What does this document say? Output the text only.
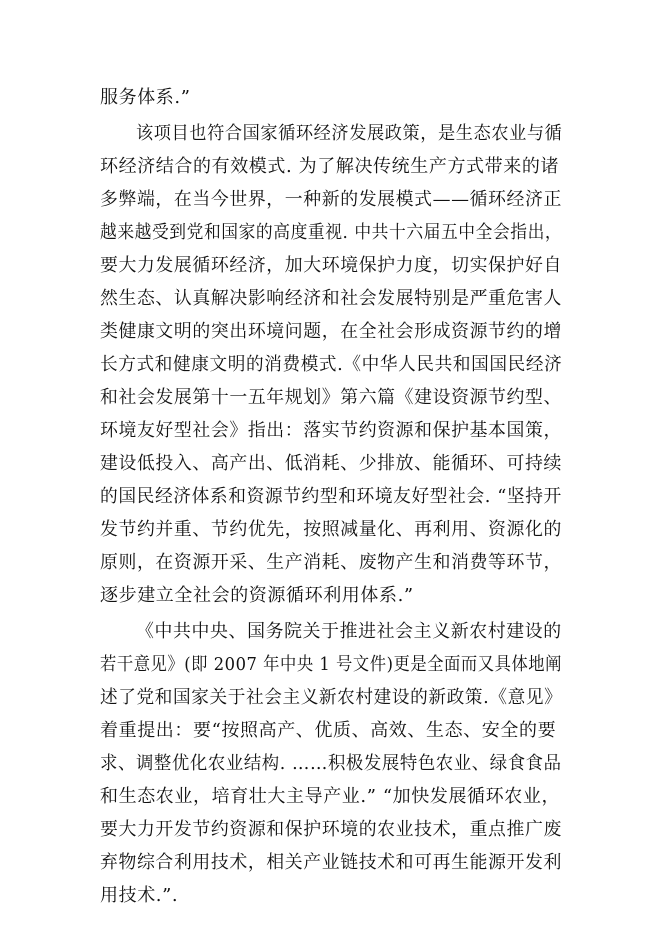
服务体系.”
该项目也符合国家循环经济发展政策，是生态农业与循
环经济结合的有效模式. 为了解决传统生产方式带来的诸
多弊端，在当今世界，一种新的发展模式——循环经济正
越来越受到党和国家的高度重视. 中共十六届五中全会指出，
要大力发展循环经济，加大环境保护力度，切实保护好自
然生态、认真解决影响经济和社会发展特别是严重危害人
类健康文明的突出环境问题，在全社会形成资源节约的增
长方式和健康文明的消费模式.《中华人民共和国国民经济
和社会发展第十一五年规划》第六篇《建设资源节约型、
环境友好型社会》指出：落实节约资源和保护基本国策，
建设低投入、高产出、低消耗、少排放、能循环、可持续
的国民经济体系和资源节约型和环境友好型社会. “坚持开
发节约并重、节约优先，按照减量化、再利用、资源化的
原则，在资源开采、生产消耗、废物产生和消费等环节，
逐步建立全社会的资源循环利用体系.”
《中共中央、国务院关于推进社会主义新农村建设的
若干意见》(即 2007 年中央 1 号文件)更是全面而又具体地阐
述了党和国家关于社会主义新农村建设的新政策.《意见》
着重提出：要“按照高产、优质、高效、生态、安全的要
求、调整优化农业结构. ……积极发展特色农业、绿食食品
和生态农业，培育壮大主导产业.” “加快发展循环农业，
要大力开发节约资源和保护环境的农业技术，重点推广废
弃物综合利用技术，相关产业链技术和可再生能源开发利
用技术.”.
